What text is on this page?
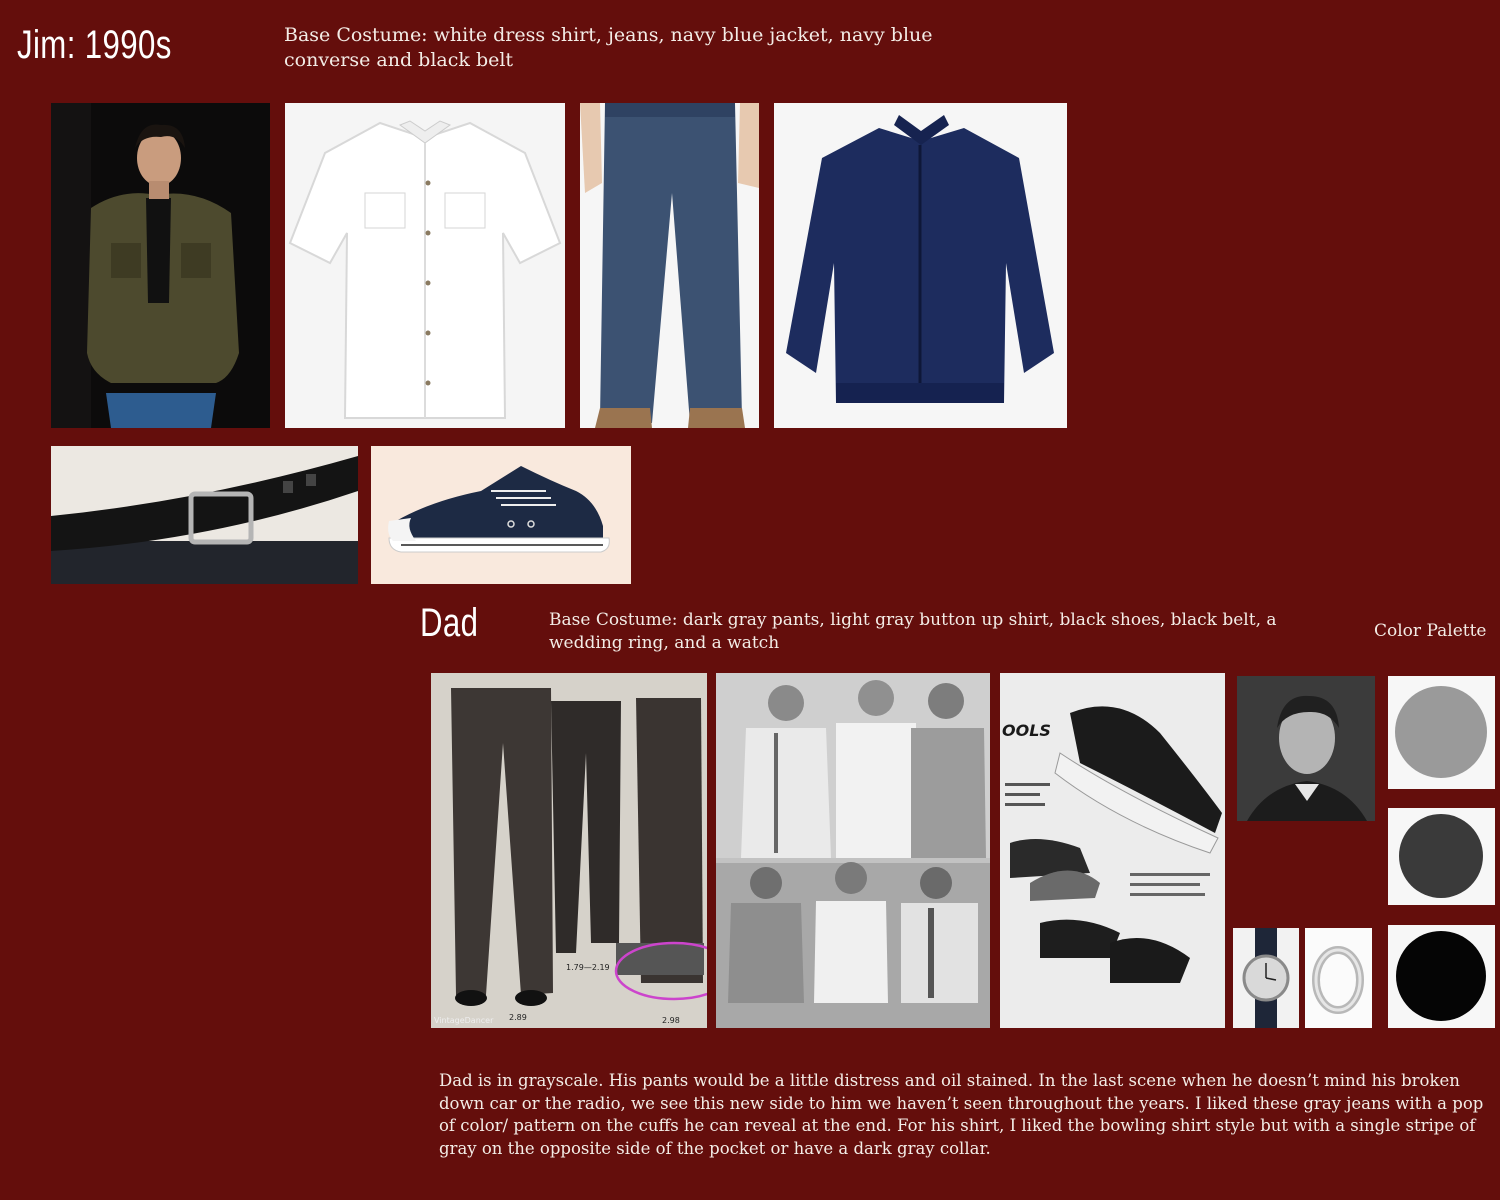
Jim: 1990s	Base Costume: white dress shirt, jeans, navy blue jacket, navy blue converse and black belt
Dad	Base Costume: dark gray pants, light gray button up shirt, black shoes, black belt, a wedding ring, and a watch
Color Palette
1.79—2.19
VintageDancer 2.89	2.98
OOLS
Dad is in grayscale. His pants would be a little distress and oil stained. In the last scene when he doesn’t mind his broken down car or the radio, we see this new side to him we haven’t seen throughout the years. I liked these gray jeans with a pop of color/ pattern on the cuffs he can reveal at the end. For his shirt, I liked the bowling shirt style but with a single stripe of gray on the opposite side of the pocket or have a dark gray collar.
